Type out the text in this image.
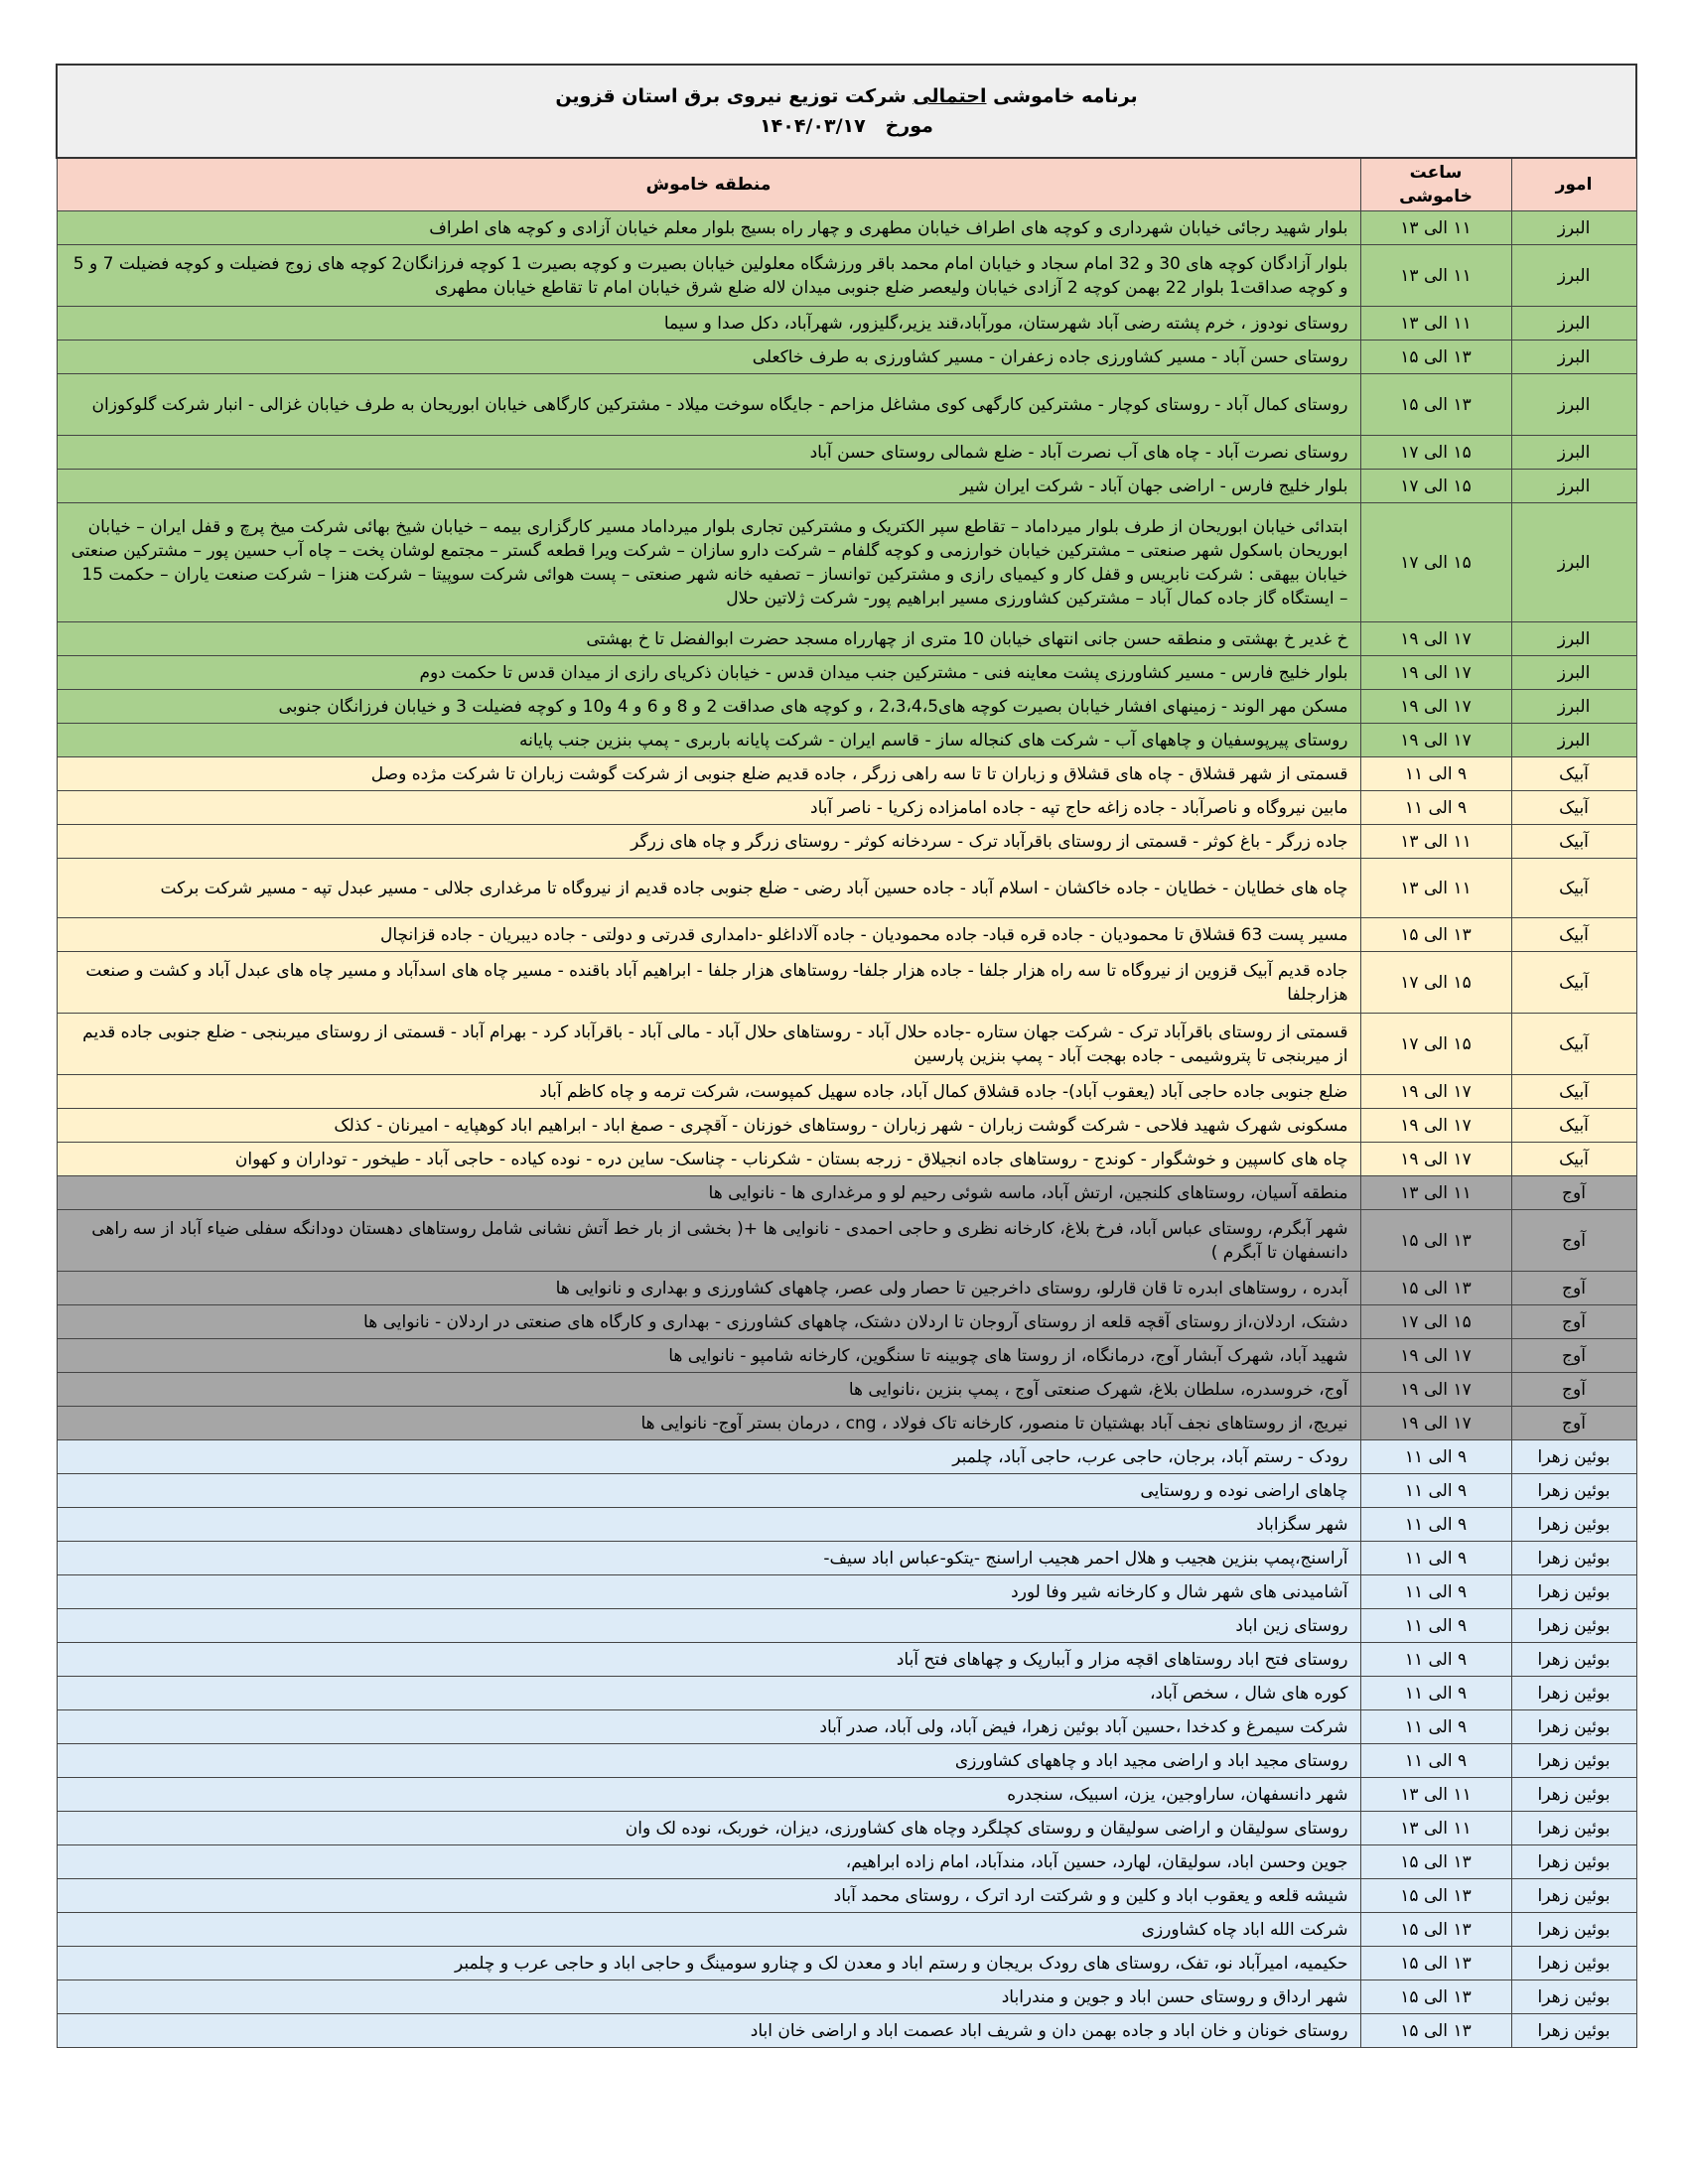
برنامه خاموشی احتمالی شرکت توزیع نیروی برق استان قزوین
مورخ   ۱۴۰۴/۰۳/۱۷		

امور	ساعت خاموشی	منطقه خاموش
البرز	۱۱ الی ۱۳	بلوار شهید رجائی خیابان شهرداری و کوچه های اطراف خیابان مطهری و چهار راه بسیج بلوار معلم خیابان آزادی و کوچه های اطراف
البرز	۱۱ الی ۱۳	بلوار آزادگان کوچه های 30 و 32 امام سجاد و خیابان امام محمد باقر ورزشگاه معلولین خیابان بصیرت و کوچه بصیرت 1 کوچه فرزانگان2 کوچه های زوج فضیلت و کوچه فضیلت 7 و 5 و کوچه صداقت1 بلوار 22 بهمن کوچه 2 آزادی خیابان ولیعصر ضلع جنوبی میدان لاله ضلع شرق خیابان امام تا تقاطع خیابان مطهری
البرز	۱۱ الی ۱۳	روستای نودوز ، خرم پشته رضی آباد شهرستان، مورآباد،قند یزیر،گلیزور، شهرآباد، دکل صدا و سیما
البرز	۱۳ الی ۱۵	روستای حسن آباد - مسیر کشاورزی جاده زعفران - مسیر کشاورزی به طرف خاکعلی
البرز	۱۳ الی ۱۵	روستای کمال آباد - روستای کوچار - مشترکین کارگهی کوی مشاغل مزاحم - جایگاه سوخت میلاد - مشترکین کارگاهی خیابان ابوریحان به طرف خیابان غزالی - انبار شرکت گلوکوزان
البرز	۱۵ الی ۱۷	روستای نصرت آباد - چاه های آب نصرت آباد - ضلع شمالی روستای حسن آباد
البرز	۱۵ الی ۱۷	بلوار خلیج فارس - اراضی جهان آباد - شرکت ایران شیر
البرز	۱۵ الی ۱۷	ابتدائی خیابان ابوریحان از طرف بلوار میرداماد – تقاطع سپر الکتریک و مشترکین تجاری بلوار میرداماد مسیر کارگزاری بیمه – خیابان شیخ بهائی شرکت میخ پرچ و قفل ایران – خیابان ابوریحان باسکول شهر صنعتی – مشترکین خیابان خوارزمی و کوچه گلفام – شرکت دارو سازان – شرکت ویرا قطعه گستر – مجتمع لوشان پخت – چاه آب حسین پور – مشترکین صنعتی خیابان بیهقی : شرکت نابریس و قفل کار و کیمیای رازی و مشترکین توانساز – تصفیه خانه شهر صنعتی – پست هوائی شرکت سوپیتا – شرکت هنزا – شرکت صنعت یاران – حکمت 15 – ایستگاه گاز جاده کمال آباد – مشترکین کشاورزی مسیر ابراهیم پور- شرکت ژلاتین حلال
البرز	۱۷ الی ۱۹	خ غدیر خ بهشتی و منطقه حسن جانی انتهای خیابان 10 متری از چهارراه مسجد حضرت ابوالفضل تا خ بهشتی
البرز	۱۷ الی ۱۹	بلوار خلیج فارس - مسیر کشاورزی پشت معاینه فنی - مشترکین جنب میدان قدس - خیابان ذکریای رازی از میدان قدس تا حکمت دوم
البرز	۱۷ الی ۱۹	مسکن مهر الوند - زمینهای افشار خیابان بصیرت کوچه های2،3،4،5 ، و کوچه های صداقت 2 و 8 و 6 و 4 و10 و کوچه فضیلت 3 و خیابان فرزانگان جنوبی
البرز	۱۷ الی ۱۹	روستای پیرپوسفیان و چاههای آب - شرکت های کنجاله ساز - قاسم ایران - شرکت پایانه باربری - پمپ بنزین جنب پایانه
آبیک	۹ الی ۱۱	قسمتی از شهر قشلاق - چاه های قشلاق و زباران تا تا سه راهی زرگر ، جاده قدیم ضلع جنوبی از شرکت گوشت زباران تا شرکت مژده وصل
آبیک	۹ الی ۱۱	مابین نیروگاه و ناصرآباد - جاده زاغه حاج تپه - جاده امامزاده زکریا - ناصر آباد
آبیک	۱۱ الی ۱۳	جاده زرگر - باغ کوثر - قسمتی از روستای باقرآباد ترک - سردخانه کوثر - روستای زرگر و چاه های زرگر
آبیک	۱۱ الی ۱۳	چاه های خطایان - خطایان - جاده خاکشان - اسلام آباد - جاده حسین آباد رضی - ضلع جنوبی جاده قدیم از نیروگاه تا مرغداری جلالی - مسیر عبدل تپه - مسیر شرکت برکت
آبیک	۱۳ الی ۱۵	مسیر پست 63 قشلاق تا محمودیان - جاده قره قباد- جاده محمودیان - جاده آلاداغلو -دامداری قدرتی و دولتی - جاده دیبریان - جاده قزانچال
آبیک	۱۵ الی ۱۷	جاده قدیم آبیک قزوین از نیروگاه تا سه راه هزار جلفا - جاده هزار جلفا- روستاهای هزار جلفا - ابراهیم آباد باقنده - مسیر چاه های اسدآباد و مسیر چاه های عبدل آباد و کشت و صنعت هزارجلفا
آبیک	۱۵ الی ۱۷	قسمتی از روستای باقرآباد ترک - شرکت جهان ستاره -جاده حلال آباد - روستاهای حلال آباد - مالی آباد - باقرآباد کرد - بهرام آباد - قسمتی از روستای میربنجی - ضلع جنوبی جاده قدیم از میربنجی تا پتروشیمی - جاده بهجت آباد - پمپ بنزین پارسین
آبیک	۱۷ الی ۱۹	ضلع جنوبی جاده حاجی آباد (یعقوب آباد)- جاده قشلاق کمال آباد، جاده سهیل کمپوست، شرکت ترمه و چاه کاظم آباد
آبیک	۱۷ الی ۱۹	مسکونی شهرک شهید فلاحی - شرکت گوشت زباران - شهر زباران - روستاهای خوزنان - آقچری - صمغ اباد - ابراهیم اباد کوهپایه - امیرنان - کذلک
آبیک	۱۷ الی ۱۹	چاه های کاسپین و خوشگوار - کوندج - روستاهای جاده انجیلاق - زرجه بستان - شکرناب - چناسک- ساین دره - نوده کیاده - حاجی آباد - طیخور - توداران و کهوان
آوج	۱۱ الی ۱۳	منطقه آسیان، روستاهای کلنجین، ارتش آباد، ماسه شوئی رحیم لو و مرغداری ها - نانوایی ها
آوج	۱۳ الی ۱۵	شهر آبگرم، روستای عباس آباد، فرخ بلاغ، کارخانه نظری و حاجی احمدی - نانوایی ها +( بخشی از بار خط آتش نشانی شامل روستاهای دهستان دودانگه سفلی ضیاء آباد از سه راهی دانسفهان تا آبگرم )
آوج	۱۳ الی ۱۵	آبدره ، روستاهای ابدره تا قان قارلو، روستای داخرجین تا حصار ولی عصر، چاههای کشاورزی و بهداری و نانوایی ها
آوج	۱۵ الی ۱۷	دشتک، اردلان،از روستای آقچه قلعه از روستای آروجان تا اردلان دشتک، چاههای کشاورزی - بهداری و کارگاه های صنعتی در اردلان - نانوایی ها
آوج	۱۷ الی ۱۹	شهید آباد، شهرک آبشار آوج، درمانگاه، از روستا های چوبینه تا سنگوین، کارخانه شامپو - نانوایی ها
آوج	۱۷ الی ۱۹	آوج، خروسدره، سلطان بلاغ، شهرک صنعتی آوج ، پمپ بنزین ،نانوایی ها
آوج	۱۷ الی ۱۹	نیریج، از روستاهای نجف آباد بهشتیان تا منصور، کارخانه تاک فولاد ، cng ، درمان بستر آوج- نانوایی ها
بوئین زهرا	۹ الی ۱۱	رودک - رستم آباد، برجان، حاجی عرب، حاجی آباد، چلمبر
بوئین زهرا	۹ الی ۱۱	چاهای اراضی نوده و روستایی
بوئین زهرا	۹ الی ۱۱	شهر سگزاباد
بوئین زهرا	۹ الی ۱۱	آراسنج،پمپ بنزین هجیب و هلال احمر هجیب اراسنج -یتکو-عباس اباد سیف-
بوئین زهرا	۹ الی ۱۱	آشامیدنی های شهر شال و کارخانه شیر وفا لورد
بوئین زهرا	۹ الی ۱۱	روستای زین اباد
بوئین زهرا	۹ الی ۱۱	روستای فتح اباد روستاهای اقچه مزار و آببارپک و چهاهای فتح آباد
بوئین زهرا	۹ الی ۱۱	کوره های شال ، سخص آباد،
بوئین زهرا	۹ الی ۱۱	شرکت سیمرغ و کدخدا ،حسین آباد بوئین زهرا، فیض آباد، ولی آباد، صدر آباد
بوئین زهرا	۹ الی ۱۱	روستای مجید اباد و اراضی مجید اباد و چاههای کشاورزی
بوئین زهرا	۱۱ الی ۱۳	شهر دانسفهان، ساراوجین، یزن، اسبیک، سنجدره
بوئین زهرا	۱۱ الی ۱۳	روستای سولیقان و اراضی سولیقان و روستای کچلگرد وچاه های کشاورزی، دیزان، خوربک، نوده لک وان
بوئین زهرا	۱۳ الی ۱۵	جوین وحسن اباد، سولیقان، لهارد، حسین آباد، مندآباد، امام زاده ابراهیم،
بوئین زهرا	۱۳ الی ۱۵	شیشه قلعه و یعقوب اباد و کلین و و شرکتت ارد اترک ، روستای محمد آباد
بوئین زهرا	۱۳ الی ۱۵	شرکت الله اباد چاه کشاورزی
بوئین زهرا	۱۳ الی ۱۵	حکیمیه، امیرآباد نو، تفک، روستای های رودک بریجان و رستم اباد و معدن لک و چنارو سومینگ و حاجی اباد و حاجی عرب و چلمبر
بوئین زهرا	۱۳ الی ۱۵	شهر ارداق و روستای حسن اباد و جوین و مندراباد
بوئین زهرا	۱۳ الی ۱۵	روستای خونان و خان اباد و جاده بهمن دان و شریف اباد عصمت اباد و اراضی خان اباد
